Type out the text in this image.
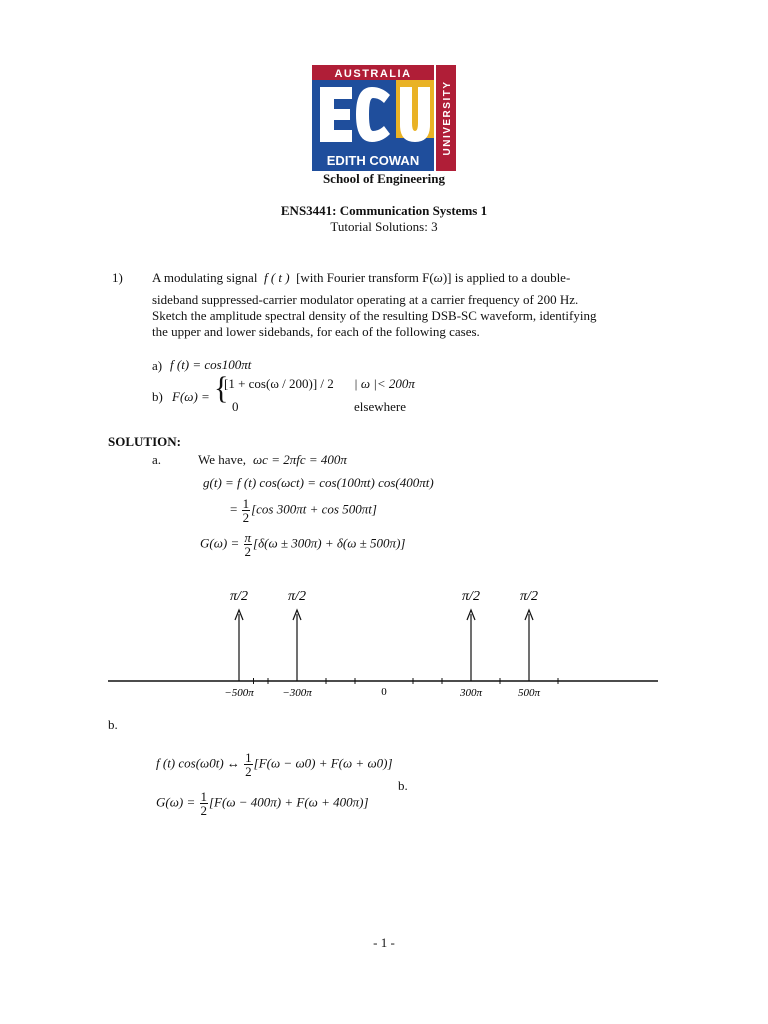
AUSTRALIA
EDITH COWAN
UNIVERSITY
School of Engineering
ENS3441: Communication Systems 1
Tutorial Solutions: 3
1) A modulating signal  f ( t )  [with Fourier transform F(ω)] is applied to a double-
sideband suppressed-carrier modulator operating at a carrier frequency of 200 Hz.
Sketch the amplitude spectral density of the resulting DSB-SC waveform, identifying
the upper and lower sidebands, for each of the following cases.
a) f (t) = cos100πt
b) F(ω) = {
[1 + cos(ω / 200)] / 2 | ω |< 200π
0	elsewhere
SOLUTION:
a.	We have, ωc = 2πfc = 400π
g(t) = f (t) cos(ωct) = cos(100πt) cos(400πt)
= $\frac{1}{2} [\cos$ 300πt + cos 500πt]
$G(\omega) = \frac{\pi}{2} [\delta(\omega \pm 300\pi) + \delta(\omega \pm 500\pi)]$
π/2
−500π
π/2
−300π
π/2
300π
π/2
500π
0
b.
f (t) cos(ω0t) ↔ $\frac{1}{2} [F(\omega - \omega 0) + F(\omega + \omega 0)]$
b.
$G(\omega) = \frac{1}{2} [F(\omega - 400\pi) + F(\omega + 400\pi)]$
- 1 -
